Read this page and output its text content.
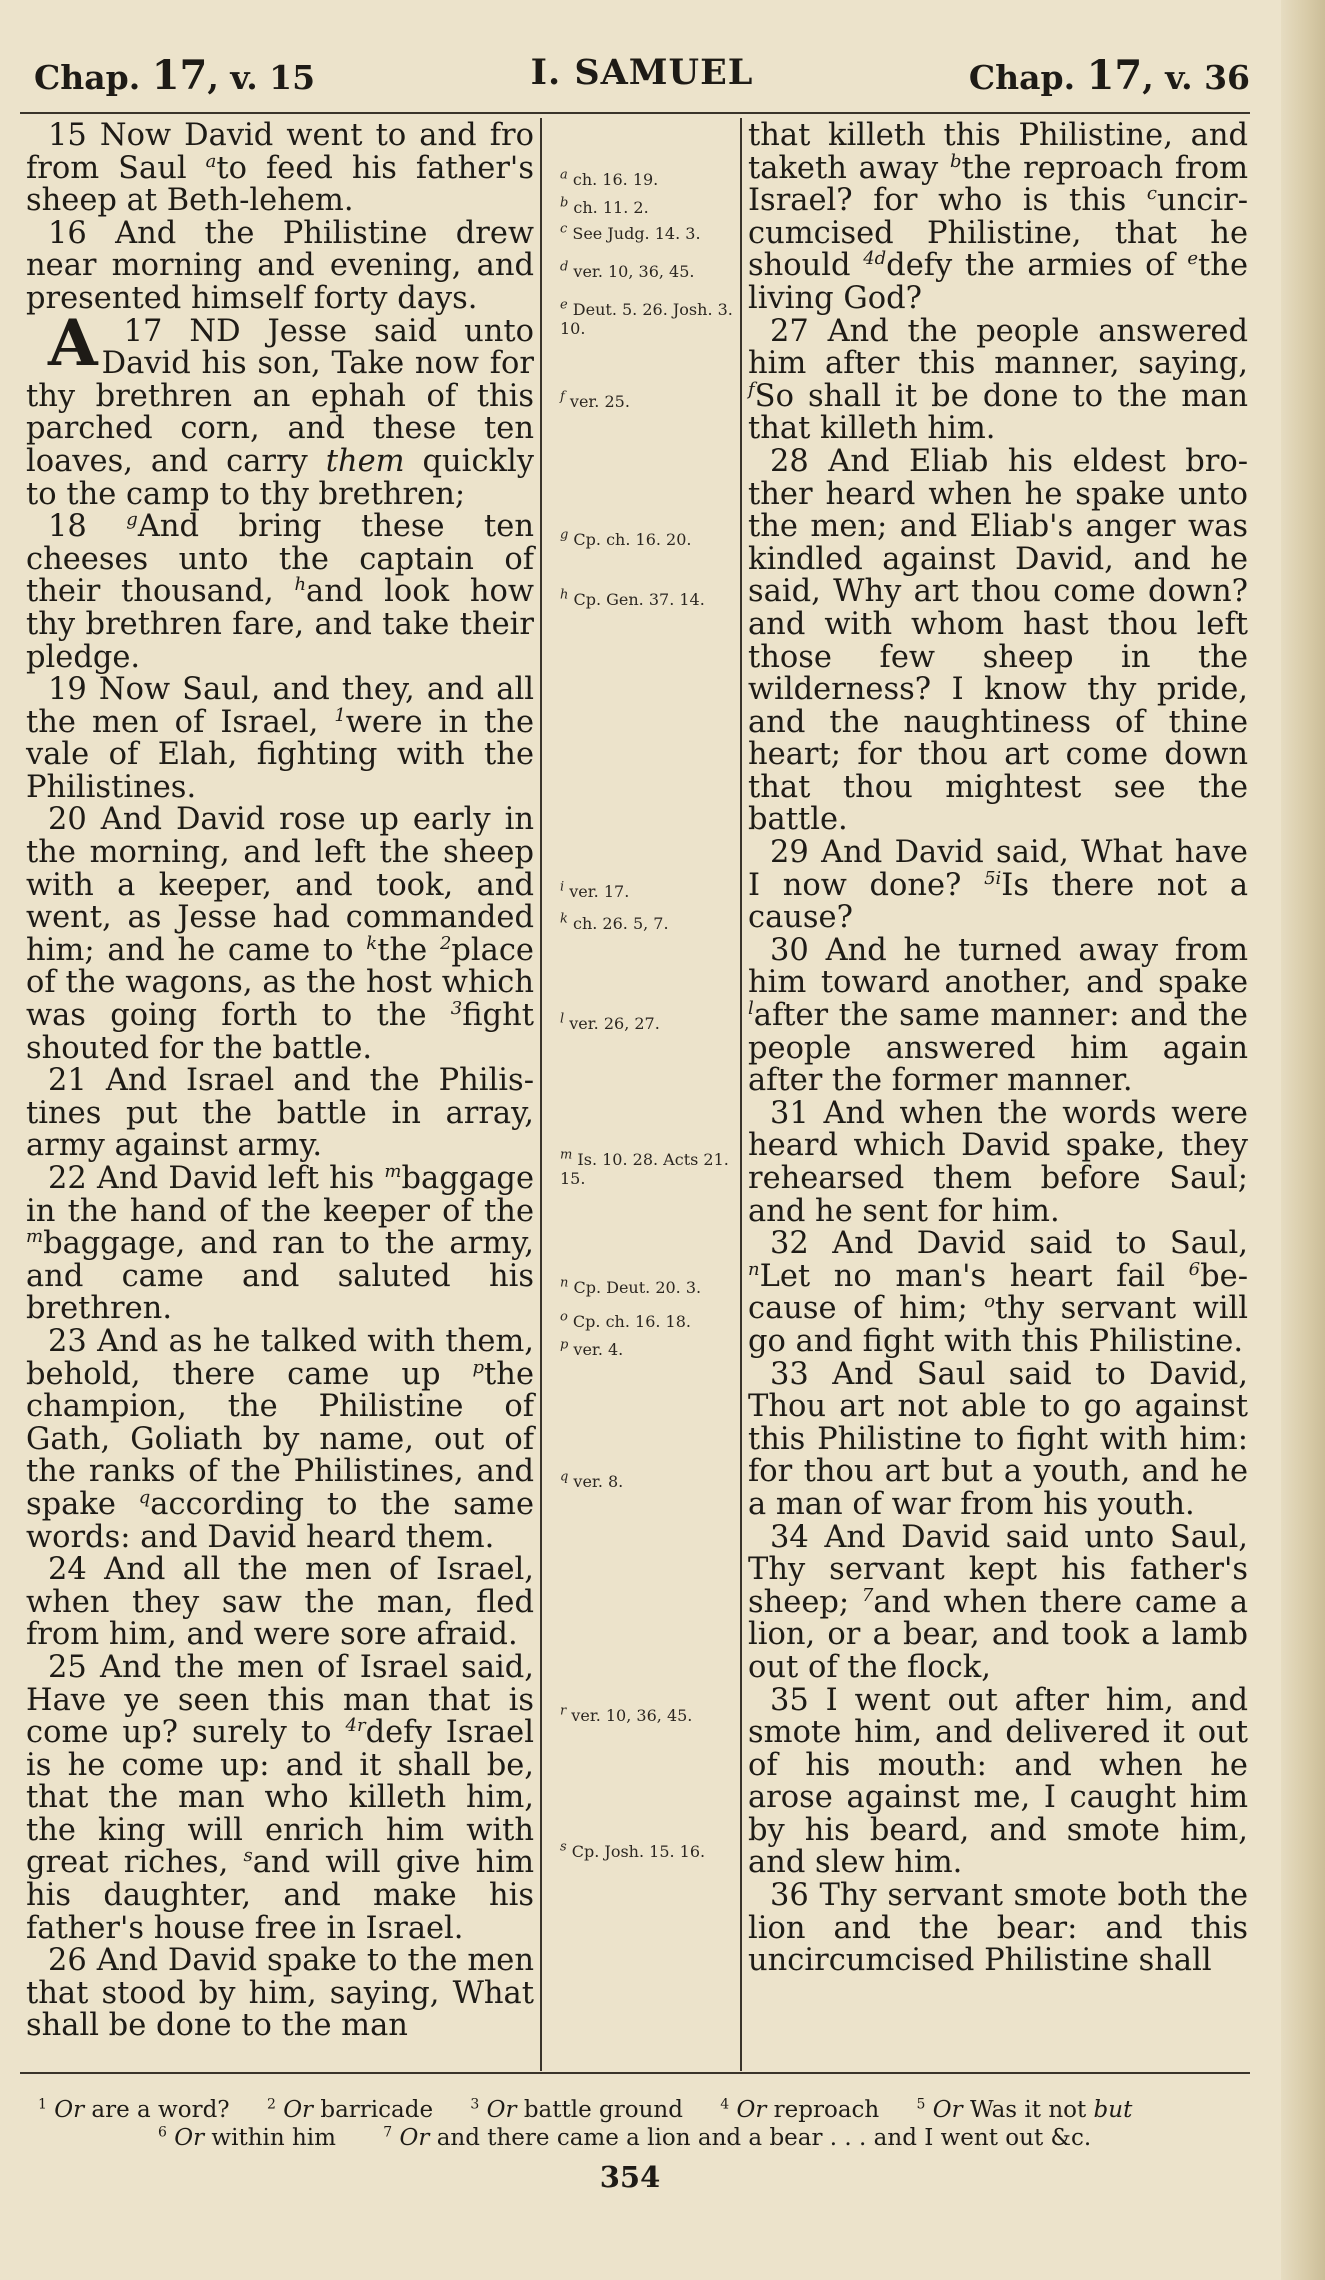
Chap. 17, v. 15	I. SAMUEL	Chap. 17, v. 36

15 Now David went to and fro from Saul $^a$to feed his father's sheep at Beth-lehem.

16 And the Philistine drew near morning and evening, and presented himself forty days.

17
A	ND Jesse said unto David his son, Take now for thy brethren an ephah of this parched corn, and these ten loaves, and carry them quickly to the camp to thy brethren;

18 $^g$And bring these ten cheeses unto the captain of their thousand, $^h$and look how thy brethren fare, and take their pledge.

19 Now Saul, and they, and all the men of Israel, $^1$were in the vale of Elah, fighting with the Philistines.

20 And David rose up early in the morning, and left the sheep with a keeper, and took, and went, as Jesse had commanded him; and he came to $^k$the $^2$place of the wagons, as the host which was going forth to the $^3$fight shouted for the battle.

21 And Israel and the Philistines put the battle in array, army against army.

22 And David left his $^m$baggage in the hand of the keeper of the $^m$baggage, and ran to the army, and came and saluted his brethren.

23 And as he talked with them, behold, there came up $^p$the champion, the Philistine of Gath, Goliath by name, out of the ranks of the Philistines, and spake $^q$according to the same words: and David heard them.

24 And all the men of Israel, when they saw the man, fled from him, and were sore afraid.

25 And the men of Israel said, Have ye seen this man that is come up? surely to $^{4r}$defy Israel is he come up: and it shall be, that the man who killeth him, the king will enrich him with great riches, $^s$and will give him his daughter, and make his father's house free in Israel.

26 And David spake to the men that stood by him, saying, What shall be done to the man

that killeth this Philistine, and taketh away $^b$the reproach from Israel? for who is this $^c$uncircumcised Philistine, that he should $^{4d}$defy the armies of $^e$the living God?

27 And the people answered him after this manner, saying, $^f$So shall it be done to the man that killeth him.

28 And Eliab his eldest brother heard when he spake unto the men; and Eliab's anger was kindled against David, and he said, Why art thou come down? and with whom hast thou left those few sheep in the wilderness? I know thy pride, and the naughtiness of thine heart; for thou art come down that thou mightest see the battle.

29 And David said, What have I now done? $^{5i}$Is there not a cause?

30 And he turned away from him toward another, and spake $^l$after the same manner: and the people answered him again after the former manner.

31 And when the words were heard which David spake, they rehearsed them before Saul; and he sent for him.

32 And David said to Saul, $^n$Let no man's heart fail $^6$because of him; $^o$thy servant will go and fight with this Philistine.

33 And Saul said to David, Thou art not able to go against this Philistine to fight with him: for thou art but a youth, and he a man of war from his youth.

34 And David said unto Saul, Thy servant kept his father's sheep; $^7$and when there came a lion, or a bear, and took a lamb out of the flock,

35 I went out after him, and smote him, and delivered it out of his mouth: and when he arose against me, I caught him by his beard, and smote him, and slew him.

36 Thy servant smote both the lion and the bear: and this uncircumcised Philistine shall

$^a$ ch. 16. 19.
$^b$ ch. 11. 2.
$^c$ See Judg. 14. 3.
$^d$ ver. 10, 36, 45.
$^e$ Deut. 5. 26. Josh. 3. 10.
$^f$ ver. 25.
$^g$ Cp. ch. 16. 20.
$^h$ Cp. Gen. 37. 14.
$^i$ ver. 17.
$^k$ ch. 26. 5, 7.
$^l$ ver. 26, 27.
$^m$ Is. 10. 28. Acts 21. 15.
$^n$ Cp. Deut. 20. 3.
$^o$ Cp. ch. 16. 18.
$^p$ ver. 4.
$^q$ ver. 8.
$^r$ ver. 10, 36, 45.
$^s$ Cp. Josh. 15. 16.
$^1$ Or are a word?	$^2$ Or barricade	$^3$ Or battle ground	$^4$ Or reproach	$^5$ Or Was it not but
$^6$ Or within him	$^7$ Or and there came a lion and a bear . . . and I went out &c.
354
